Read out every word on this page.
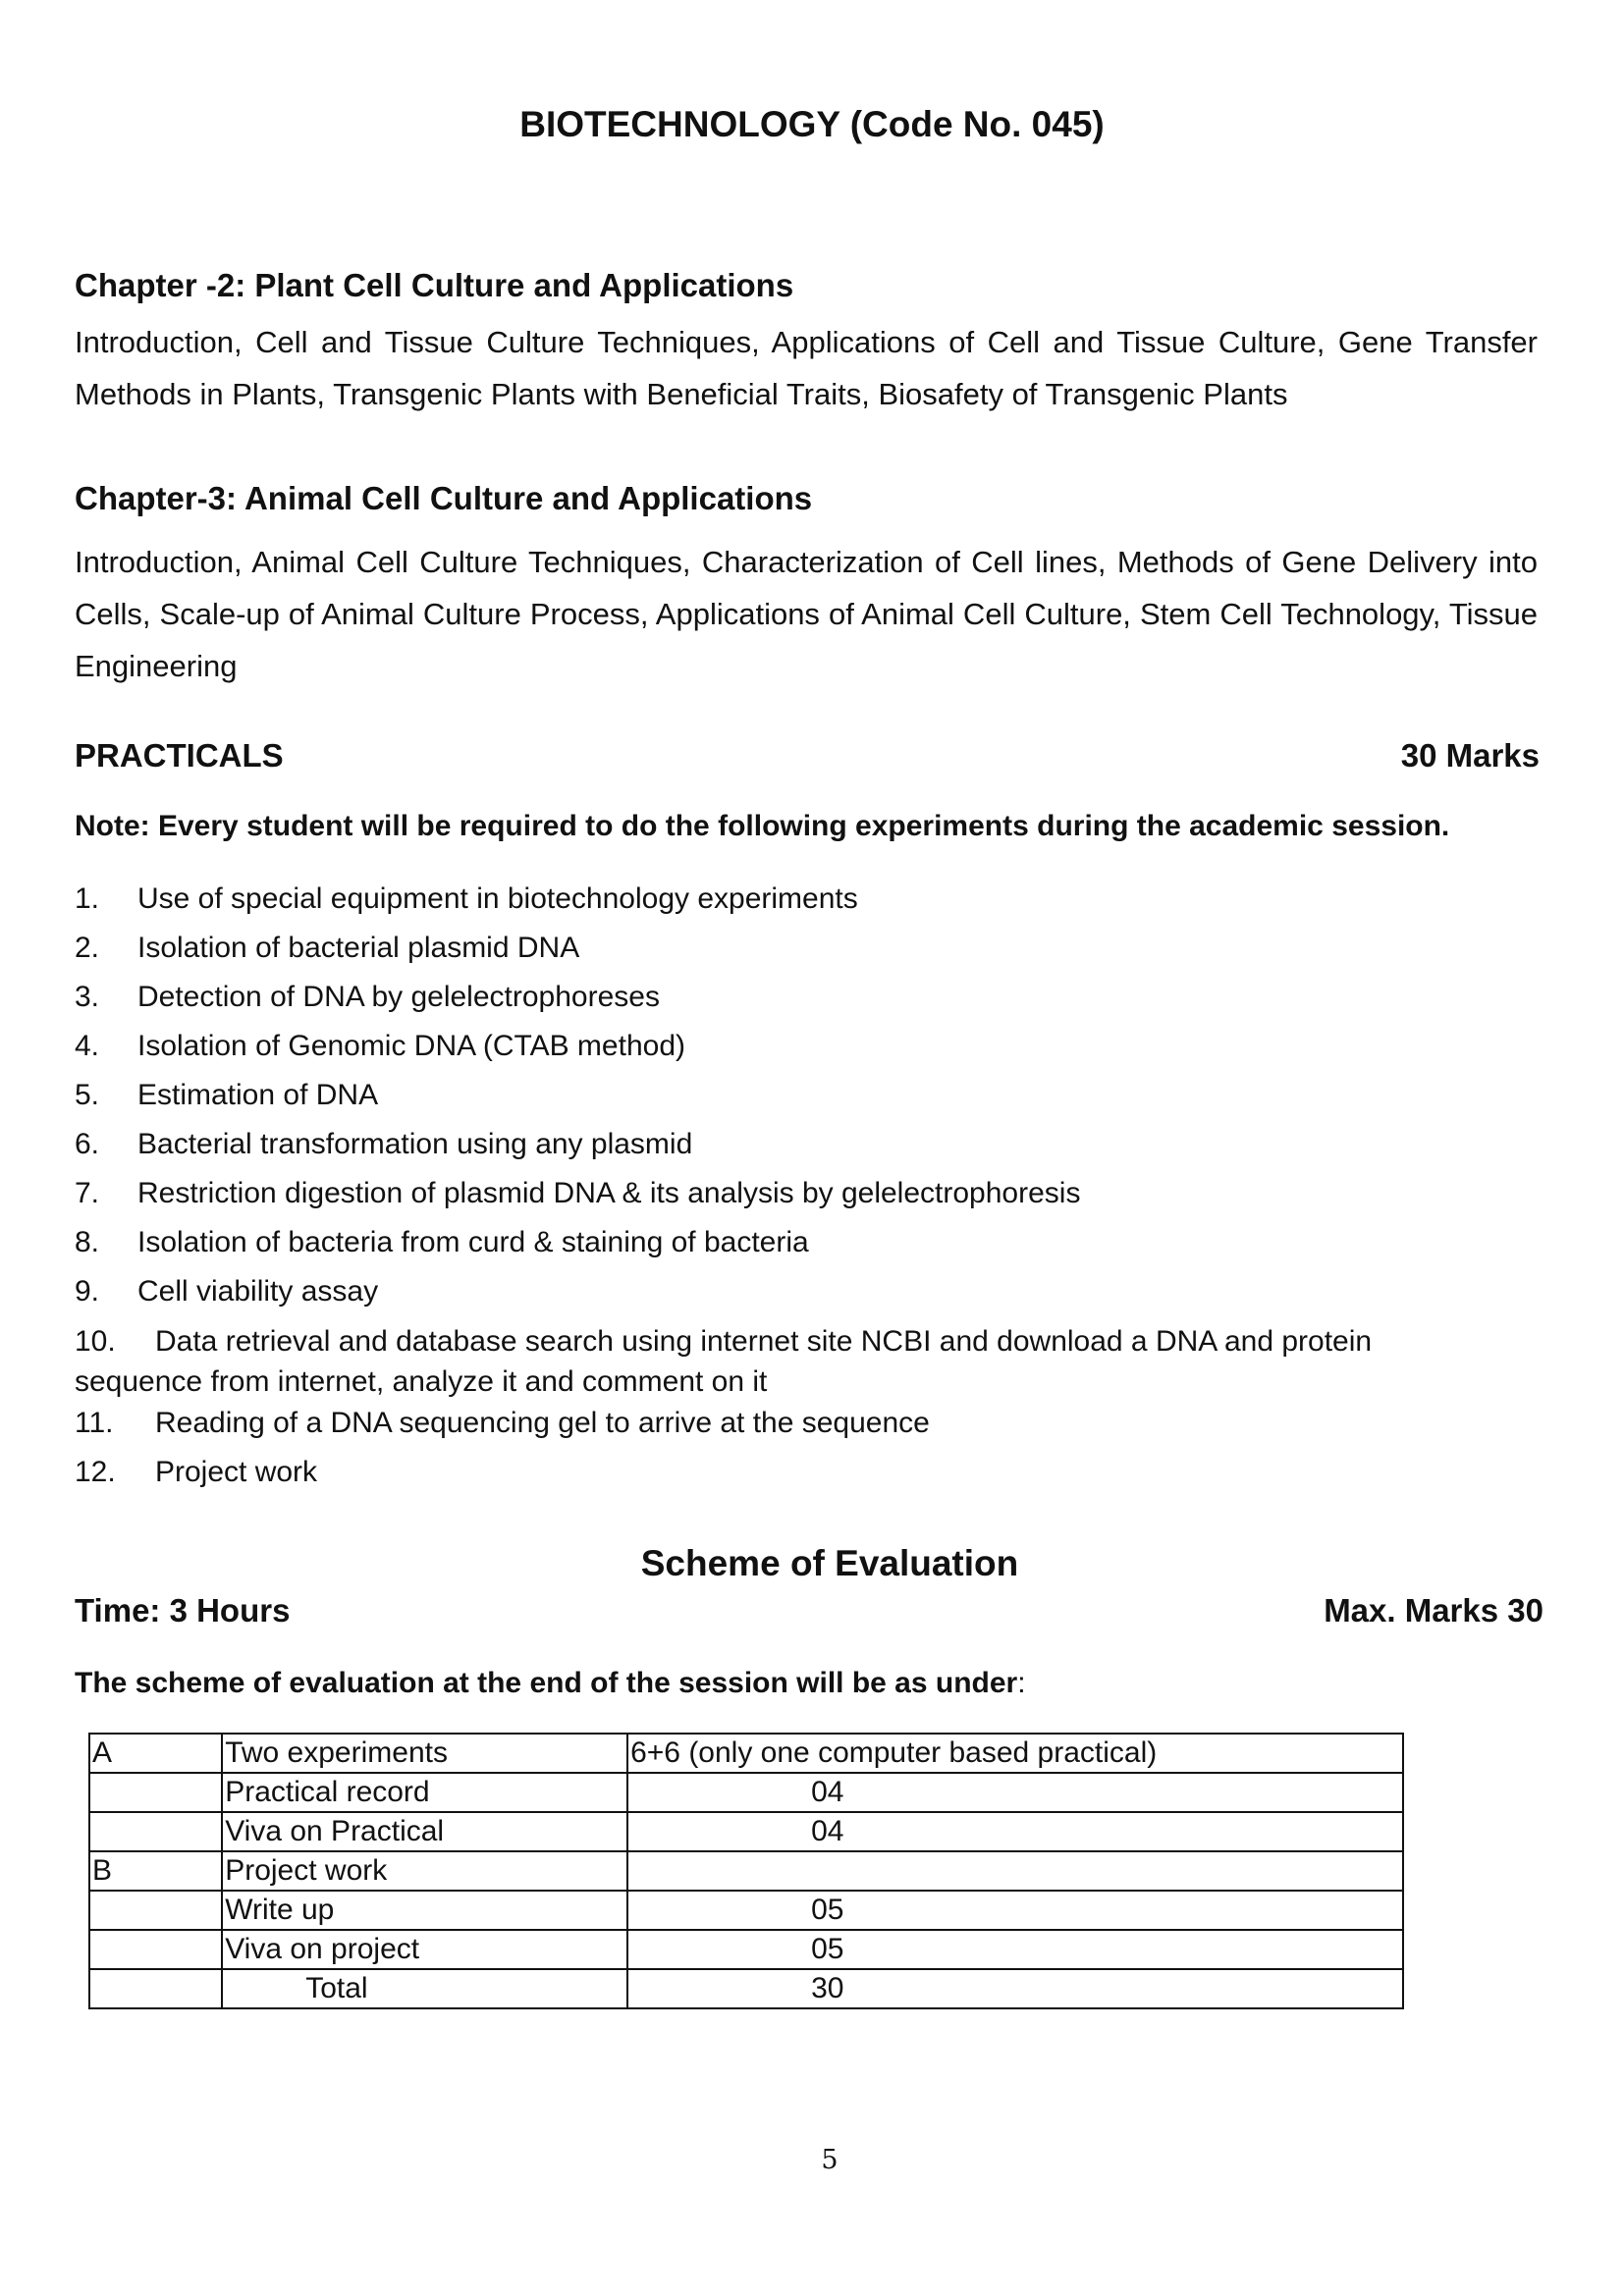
BIOTECHNOLOGY (Code No. 045)
Chapter -2: Plant Cell Culture and Applications

Introduction, Cell and Tissue Culture Techniques, Applications of Cell and Tissue Culture, Gene Transfer Methods in Plants, Transgenic Plants with Beneficial Traits, Biosafety of Transgenic Plants

Chapter-3: Animal Cell Culture and Applications

Introduction, Animal Cell Culture Techniques, Characterization of Cell lines, Methods of Gene Delivery into Cells, Scale-up of Animal Culture Process, Applications of Animal Cell Culture, Stem Cell Technology, Tissue Engineering

PRACTICALS	30 Marks

Note: Every student will be required to do the following experiments during the academic session.

1. Use of special equipment in biotechnology experiments
2. Isolation of bacterial plasmid DNA
3. Detection of DNA by gelelectrophoreses
4. Isolation of Genomic DNA (CTAB method)
5. Estimation of DNA
6. Bacterial transformation using any plasmid
7. Restriction digestion of plasmid DNA & its analysis by gelelectrophoresis
8. Isolation of bacteria from curd & staining of bacteria
9. Cell viability assay
10. Data retrieval and database search using internet site NCBI and download a DNA and protein
sequence from internet, analyze it and comment on it
11. Reading of a DNA sequencing gel to arrive at the sequence
12. Project work
Scheme of Evaluation
Time: 3 Hours	Max. Marks 30

The scheme of evaluation at the end of the session will be as under:

A	Two experiments	6+6 (only one computer based practical)
	Practical record	04
	Viva on Practical	04
B	Project work	
	Write up	05
	Viva on project	05
	Total	30
5
